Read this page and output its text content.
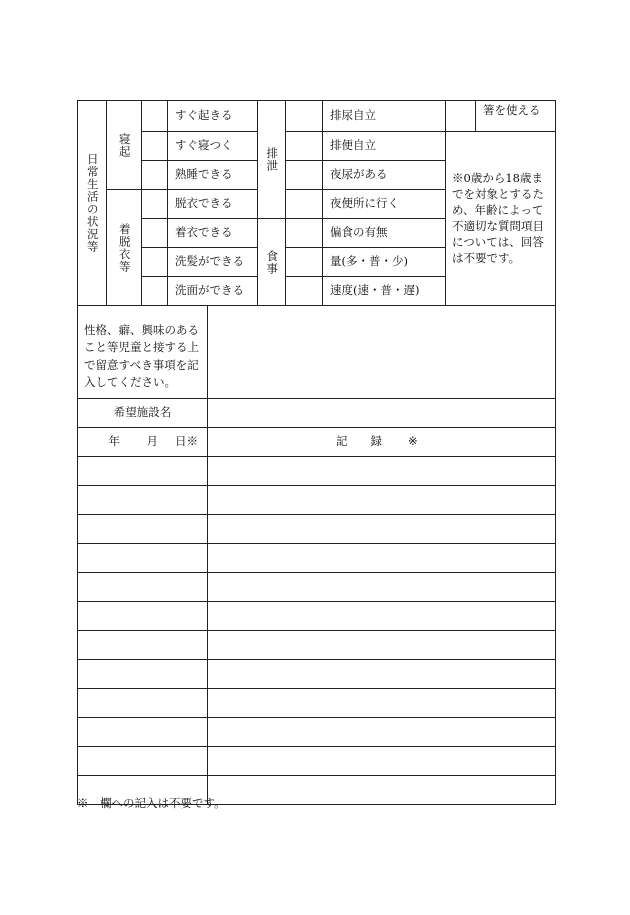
日常生活の状況等	寝起		すぐ起きる	排泄		排尿自立		箸を使える
			すぐ寝つく			排便自立	※0歳から18歳までを対象とするため、年齢によって不適切な質問項目については、回答は不要です。	
			熟睡できる			夜尿がある		
	着脱衣等		脱衣できる			夜便所に行く		
			着衣できる	食事		偏食の有無		
			洗髪ができる			量(多・普・少)		
			洗面ができる			速度(速・普・遅)		
性格、癖、興味のあること等児童と接する上で留意すべき事項を記入してください。	
希望施設名	
年 月 日※	記　　録 ※

※　欄への記入は不要です。
